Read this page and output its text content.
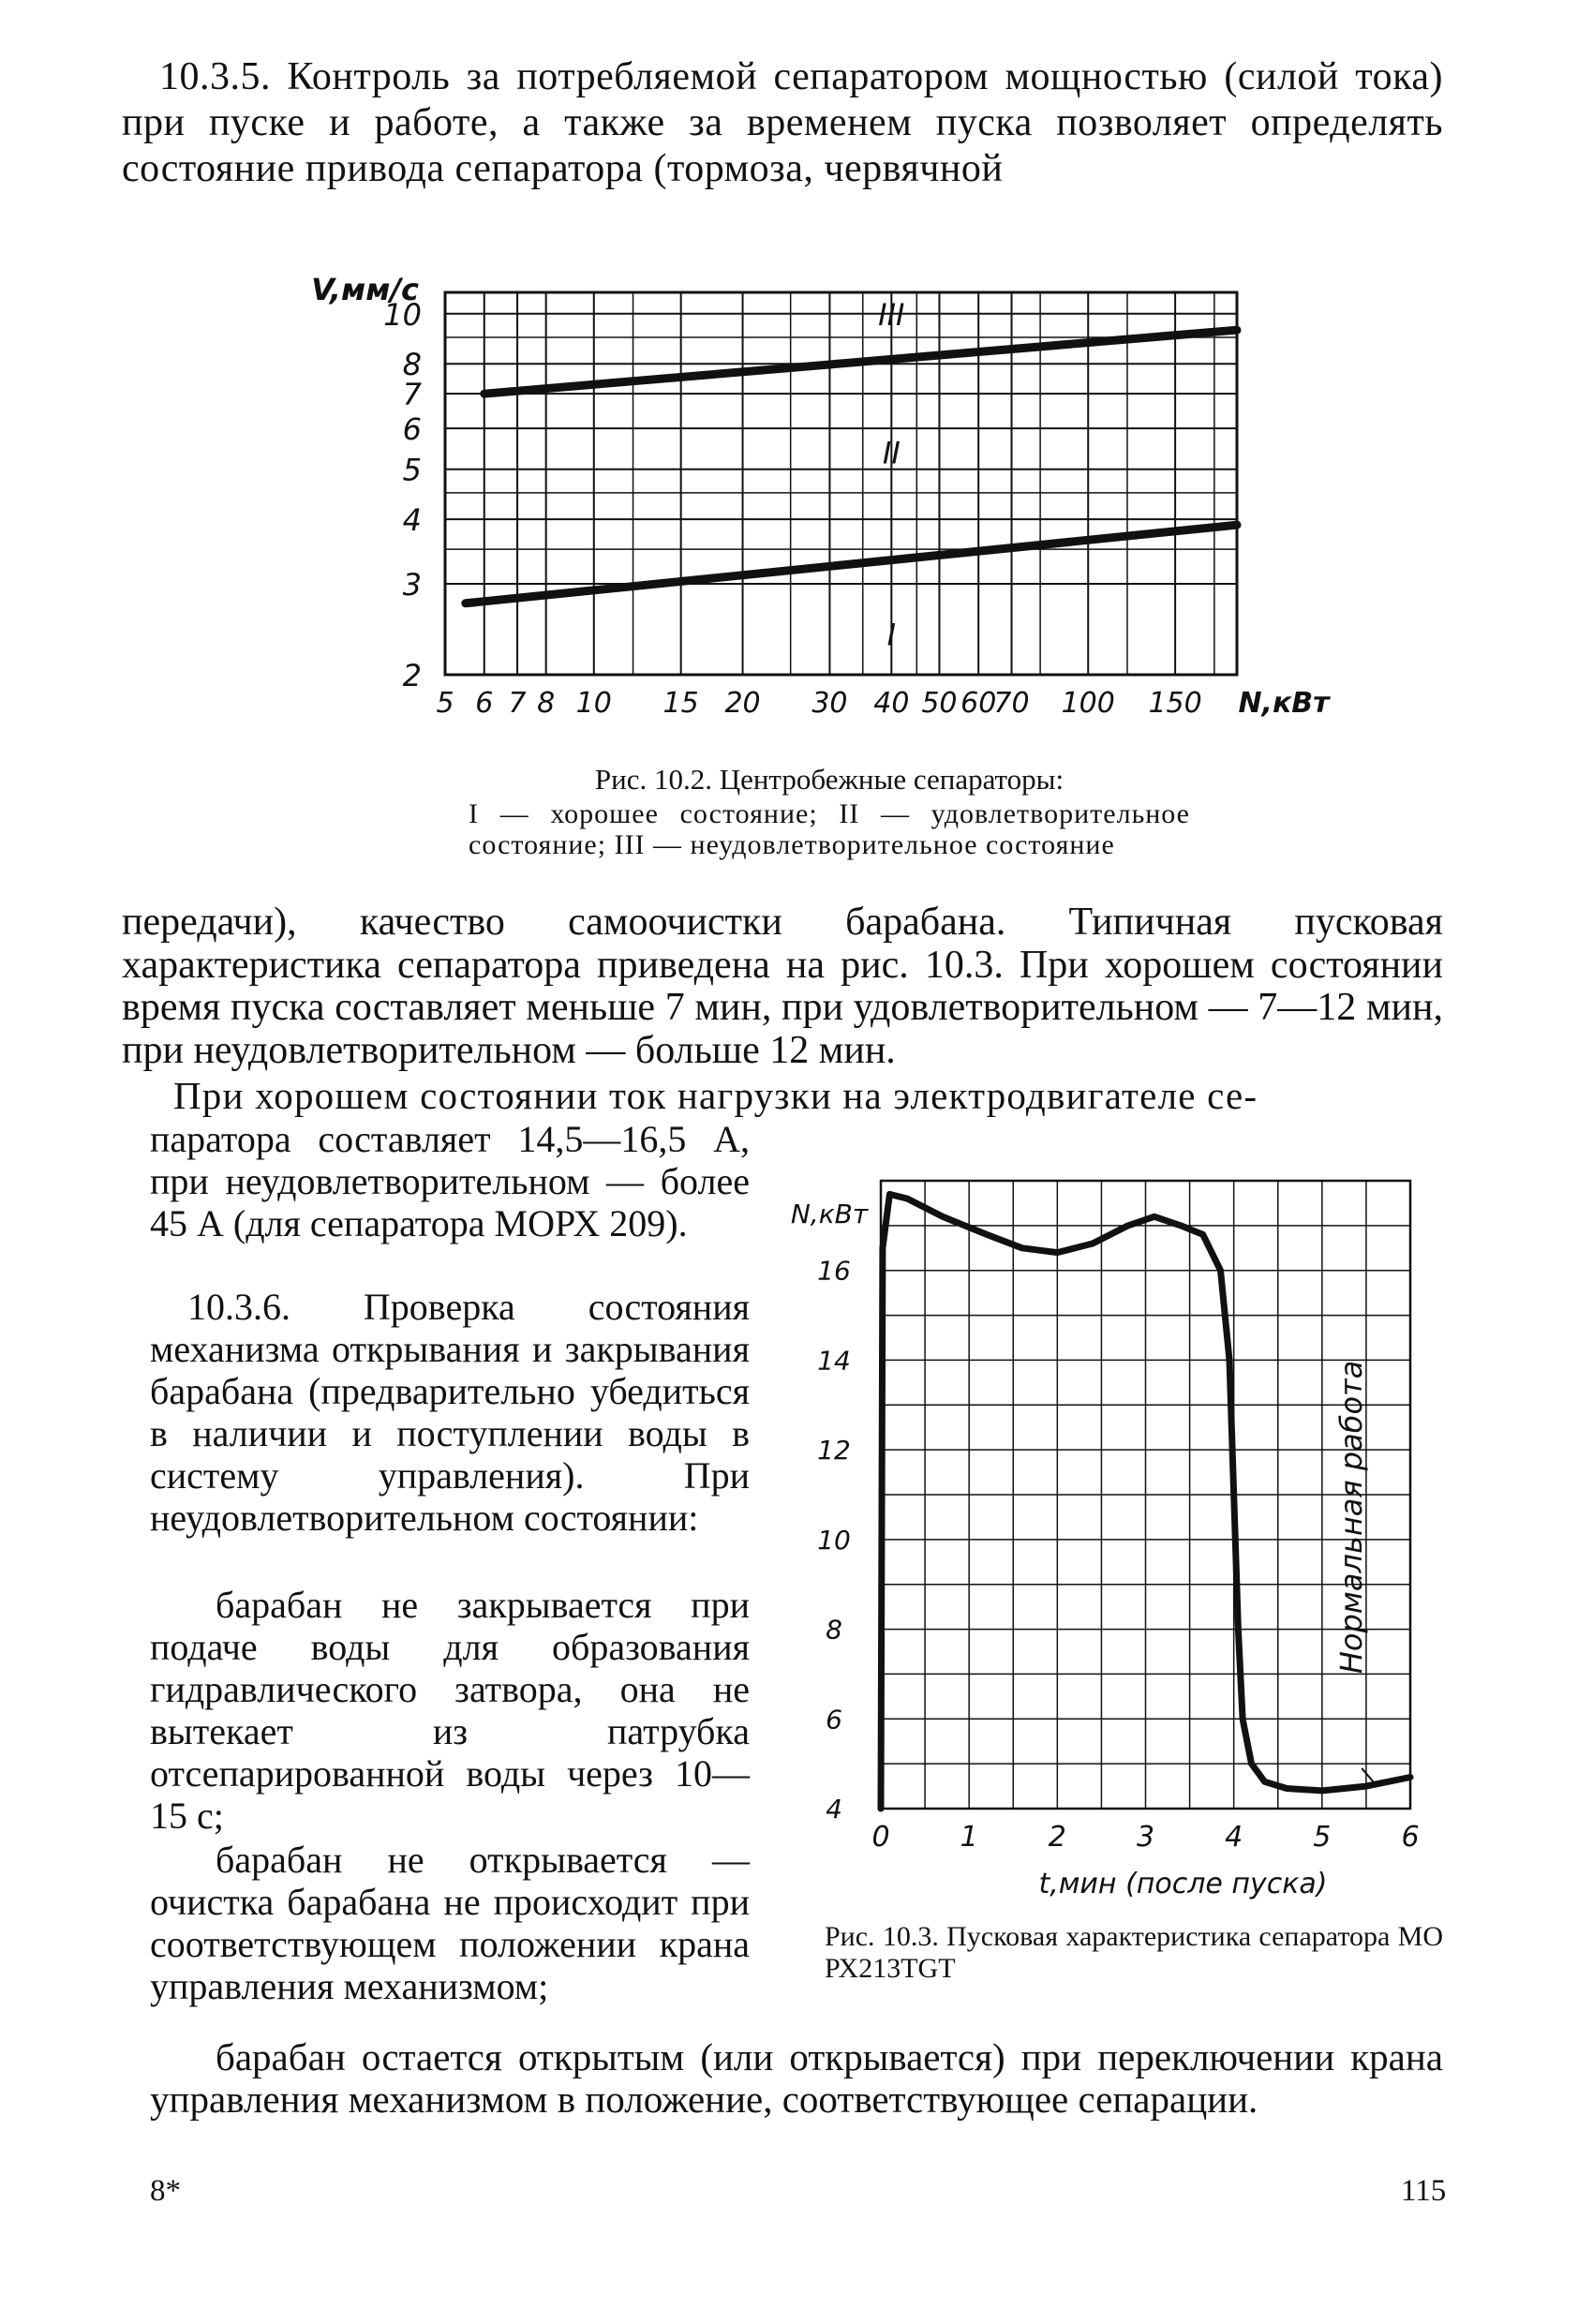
10.3.5. Контроль за потребляемой сепаратором мощностью (силой тока) при пуске и работе, а также за временем пуска позволяет определять состояние привода сепаратора (тормоза, червячной
5 6 7 8 10 15 20 30 40 50 60
70 100 150
2
3
4
5
6
7
8
10
I
II
III
V,мм/с
N,кВт
Рис. 10.2. Центробежные сепараторы:
I — хорошее состояние; II — удовлетворительное состояние; III — неудовлетворительное состояние
передачи), качество самоочистки барабана. Типичная пусковая характеристика сепаратора приведена на рис. 10.3. При хорошем состоянии время пуска составляет меньше 7 мин, при удовлетворительном — 7—12 мин, при неудовлетворительном — больше 12 мин.
При хорошем состоянии ток нагрузки на электродвигателе се-
паратора составляет 14,5—16,5 А, при неудовлетворительном — более 45 А (для сепаратора МОРХ 209).
10.3.6. Проверка состояния механизма открывания и закрывания барабана (предварительно убедиться в наличии и поступлении воды в систему управления). При неудовлетворительном состоянии:
барабан не закрывается при подаче воды для образования гидравлического затвора, она не вытекает из патрубка отсепарированной воды через 10—15 с;
барабан не открывается — очистка барабана не происходит при соответствующем положении крана управления механизмом;
0	1	2	3	4	5	6
4
6
8
10
12
14
16
N,кВт
t,мин (после пуска)
Нормальная работа
Рис. 10.3. Пусковая характеристика сепаратора МО РХ213TGT
барабан остается открытым (или открывается) при переключении крана управления механизмом в положение, соответствующее сепарации.
8*	115
